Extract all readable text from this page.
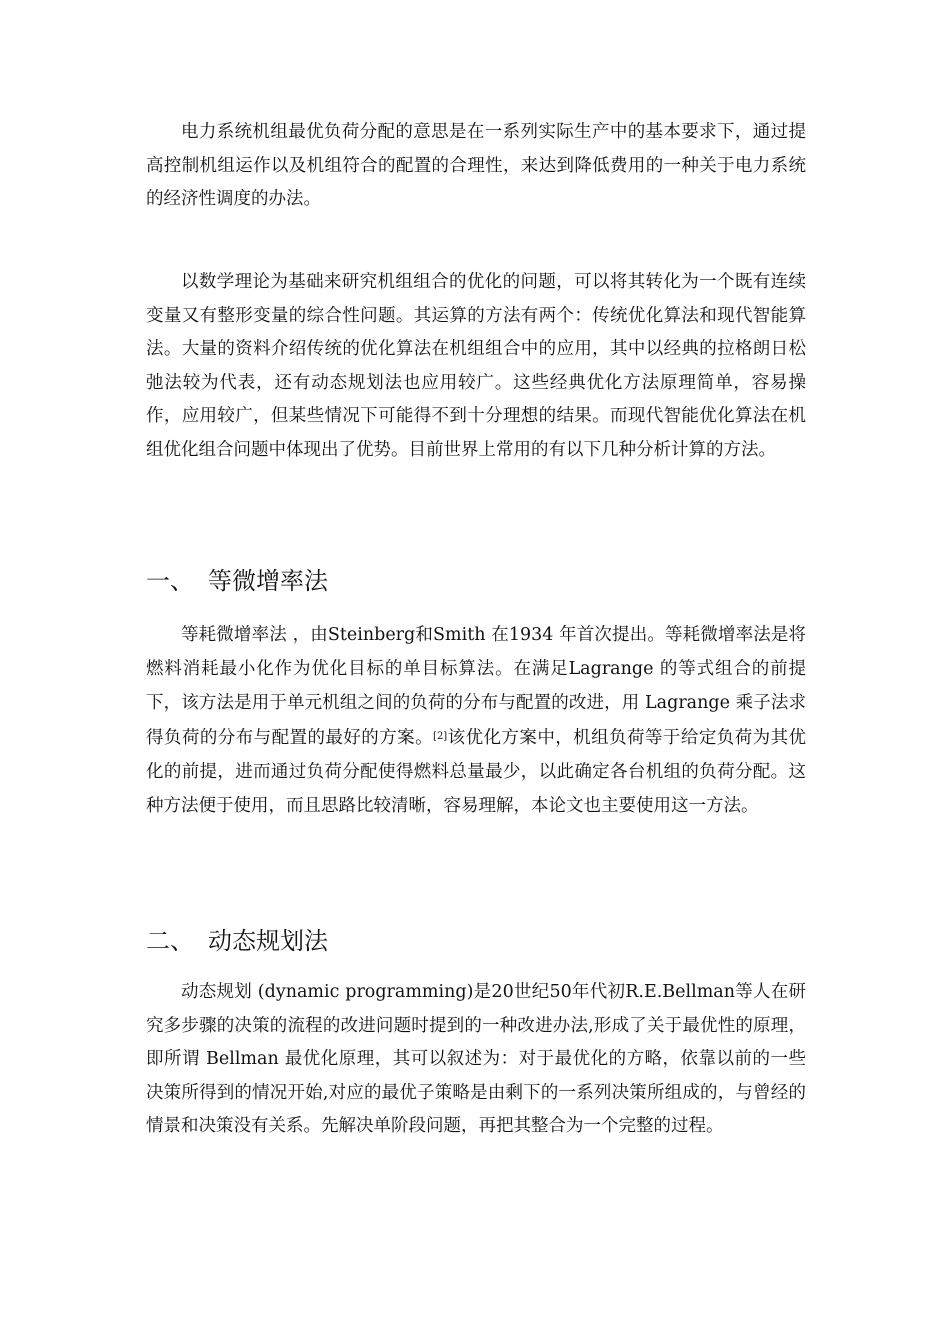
电力系统机组最优负荷分配的意思是在一系列实际生产中的基本要求下，通过提高控制机组运作以及机组符合的配置的合理性，来达到降低费用的一种关于电力系统的经济性调度的办法。

以数学理论为基础来研究机组组合的优化的问题，可以将其转化为一个既有连续变量又有整形变量的综合性问题。其运算的方法有两个：传统优化算法和现代智能算法。大量的资料介绍传统的优化算法在机组组合中的应用，其中以经典的拉格朗日松弛法较为代表，还有动态规划法也应用较广。这些经典优化方法原理简单，容易操作，应用较广，但某些情况下可能得不到十分理想的结果。而现代智能优化算法在机组优化组合问题中体现出了优势。目前世界上常用的有以下几种分析计算的方法。

一、 等微增率法

等耗微增率法 ，由Steinberg和Smith 在1934 年首次提出。等耗微增率法是将燃料消耗最小化作为优化目标的单目标算法。在满足Lagrange 的等式组合的前提下，该方法是用于单元机组之间的负荷的分布与配置的改进，用 Lagrange 乘子法求得负荷的分布与配置的最好的方案。[2]该优化方案中，机组负荷等于给定负荷为其优化的前提，进而通过负荷分配使得燃料总量最少，以此确定各台机组的负荷分配。这种方法便于使用，而且思路比较清晰，容易理解，本论文也主要使用这一方法。

二、 动态规划法

动态规划 (dynamic programming)是20世纪50年代初R.E.Bellman等人在研究多步骤的决策的流程的改进问题时提到的一种改进办法,形成了关于最优性的原理，即所谓 Bellman 最优化原理，其可以叙述为：对于最优化的方略，依靠以前的一些决策所得到的情况开始,对应的最优子策略是由剩下的一系列决策所组成的，与曾经的情景和决策没有关系。先解决单阶段问题，再把其整合为一个完整的过程。
